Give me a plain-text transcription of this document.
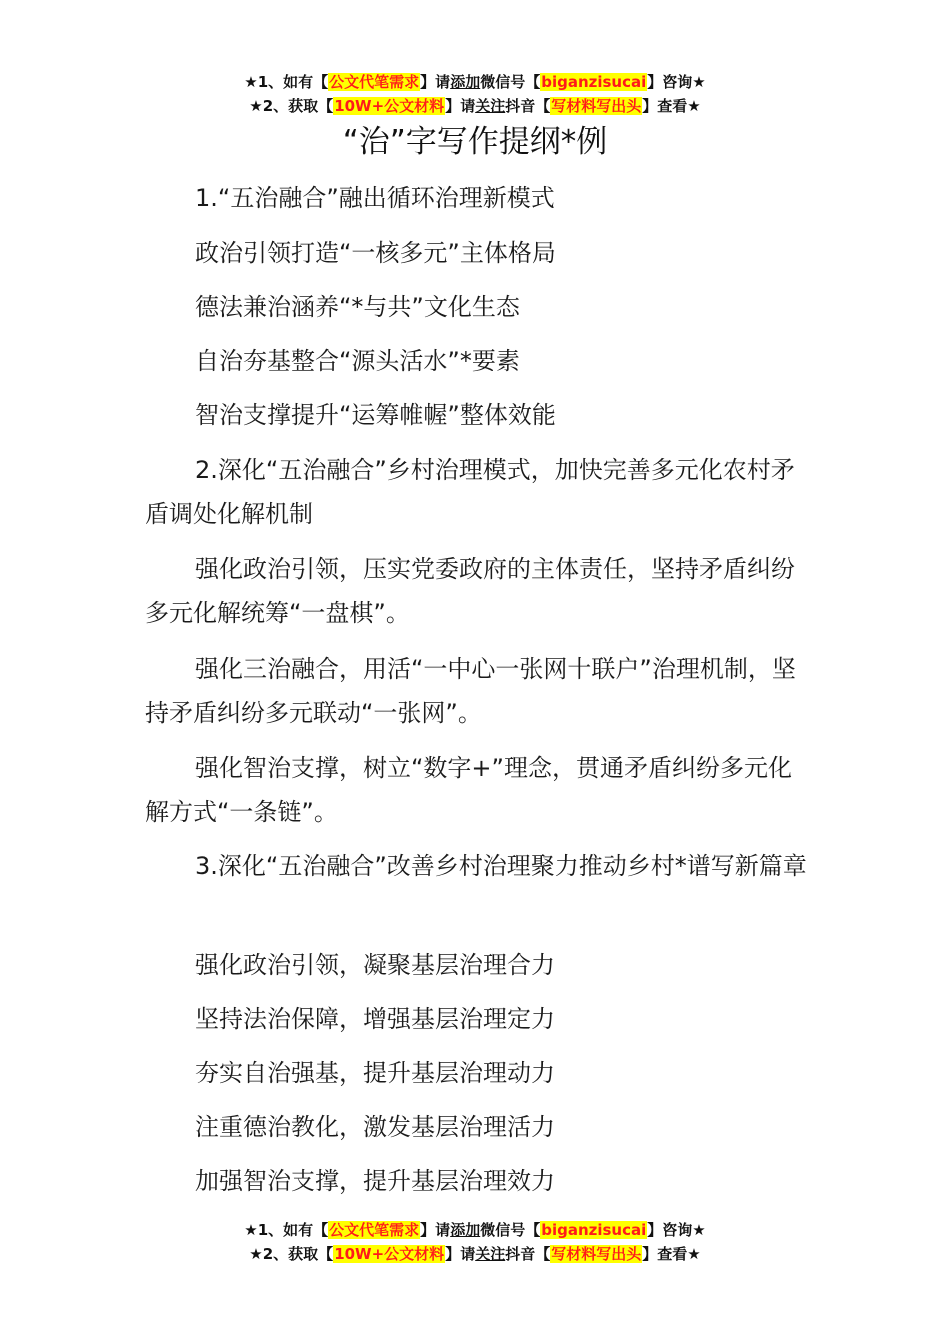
★1、如有【公文代笔需求】请添加微信号【biganzisucai】咨询★
★2、获取【10W+公文材料】请关注抖音【写材料写出头】查看★
“治”字写作提纲*例
1.“五治融合”融出循环治理新模式
政治引领打造“一核多元”主体格局
德法兼治涵养“*与共”文化生态
自治夯基整合“源头活水”*要素
智治支撑提升“运筹帷幄”整体效能
2.深化“五治融合”乡村治理模式，加快完善多元化农村矛盾调处化解机制
强化政治引领，压实党委政府的主体责任，坚持矛盾纠纷多元化解统筹“一盘棋”。
强化三治融合，用活“一中心一张网十联户”治理机制，坚持矛盾纠纷多元联动“一张网”。
强化智治支撑，树立“数字+”理念，贯通矛盾纠纷多元化解方式“一条链”。
3.深化“五治融合”改善乡村治理聚力推动乡村*谱写新篇章
强化政治引领，凝聚基层治理合力
坚持法治保障，增强基层治理定力
夯实自治强基，提升基层治理动力
注重德治教化，激发基层治理活力
加强智治支撑，提升基层治理效力
★1、如有【公文代笔需求】请添加微信号【biganzisucai】咨询★
★2、获取【10W+公文材料】请关注抖音【写材料写出头】查看★
